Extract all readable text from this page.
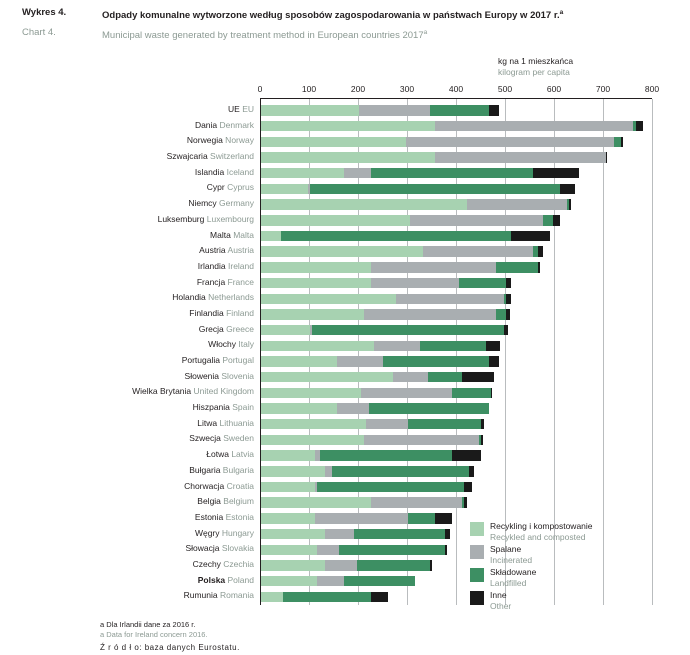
Wykres 4.	Odpady komunalne wytworzone według sposobów zagospodarowania w państwach Europy w 2017 r.$^a$
Chart 4.	Municipal waste generated by treatment method in European countries 2017$^a$
kg na 1 mieszkańca
kilogram per capita
0	100	200	300	400	500	600	700	800
UE EU
Dania Denmark
Norwegia Norway
Szwajcaria Switzerland
Islandia Iceland
Cypr Cyprus
Niemcy Germany
Luksemburg Luxembourg
Malta Malta
Austria Austria
Irlandia Ireland
Francja France
Holandia Netherlands
Finlandia Finland
Grecja Greece
Włochy Italy
Portugalia Portugal
Słowenia Slovenia
Wielka Brytania United Kingdom
Hiszpania Spain
Litwa Lithuania
Szwecja Sweden
Łotwa Latvia
Bułgaria Bulgaria
Chorwacja Croatia
Belgia Belgium
Estonia Estonia
Węgry Hungary
Słowacja Slovakia
Czechy Czechia
Polska Poland
Rumunia Romania
Recykling i kompostowanie
Recykled and composted
Spalane
Incinerated
Składowane
Landfilled
Inne
Other
a Dla Irlandii dane za 2016 r.
a Data for Ireland concern 2016.
Ź r ó d ł o: baza danych Eurostatu.
